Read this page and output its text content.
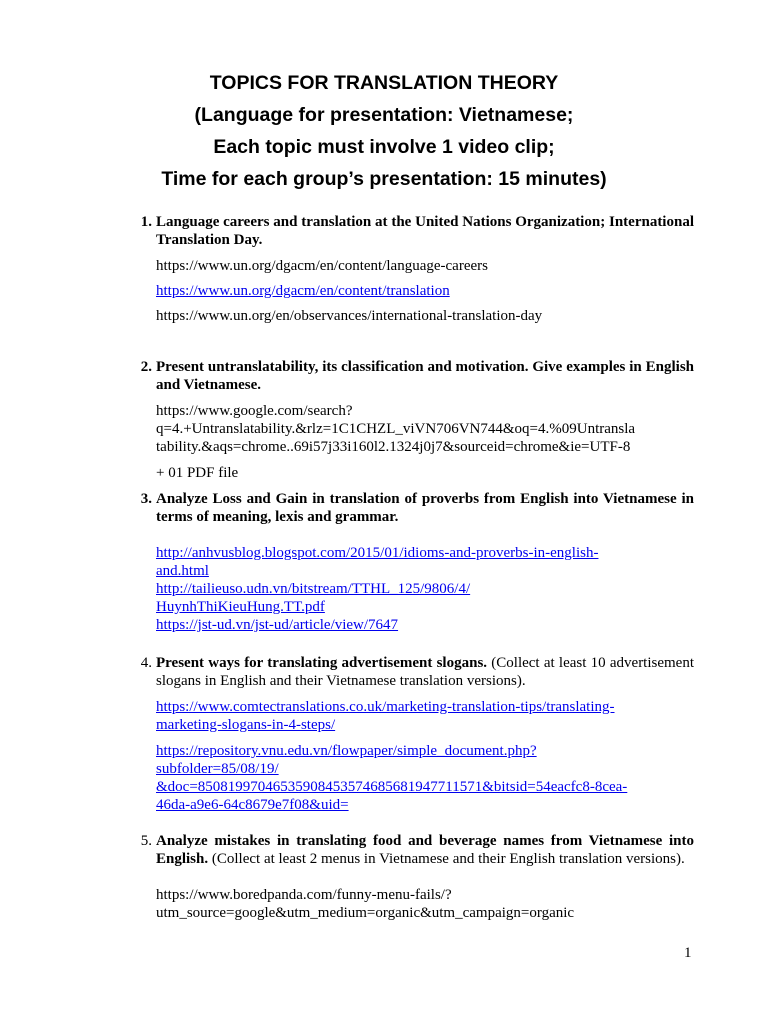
TOPICS FOR TRANSLATION THEORY
(Language for presentation: Vietnamese;
Each topic must involve 1 video clip;
Time for each group’s presentation: 15 minutes)
1. Language careers and translation at the United Nations Organization; International Translation Day.

https://www.un.org/dgacm/en/content/language-careers

https://www.un.org/dgacm/en/content/translation

https://www.un.org/en/observances/international-translation-day

2. Present untranslatability, its classification and motivation. Give examples in English and Vietnamese.

https://www.google.com/search?

q=4.+Untranslatability.&rlz=1C1CHZL_viVN706VN744&oq=4.%09Untransla

tability.&aqs=chrome..69i57j33i160l2.1324j0j7&sourceid=chrome&ie=UTF-8

+ 01 PDF file

3. Analyze Loss and Gain in translation of proverbs from English into Vietnamese in terms of meaning, lexis and grammar.

http://anhvusblog.blogspot.com/2015/01/idioms-and-proverbs-in-english-

and.html

http://tailieuso.udn.vn/bitstream/TTHL_125/9806/4/

HuynhThiKieuHung.TT.pdf

https://jst-ud.vn/jst-ud/article/view/7647

4. Present ways for translating advertisement slogans. (Collect at least 10 advertisement slogans in English and their Vietnamese translation versions).

https://www.comtectranslations.co.uk/marketing-translation-tips/translating-

marketing-slogans-in-4-steps/

https://repository.vnu.edu.vn/flowpaper/simple_document.php?

subfolder=85/08/19/

&doc=85081997046535908453574685681947711571&bitsid=54eacfc8-8cea-

46da-a9e6-64c8679e7f08&uid=

5. Analyze mistakes in translating food and beverage names from Vietnamese into English. (Collect at least 2 menus in Vietnamese and their English translation versions).

https://www.boredpanda.com/funny-menu-fails/?

utm_source=google&utm_medium=organic&utm_campaign=organic

1
